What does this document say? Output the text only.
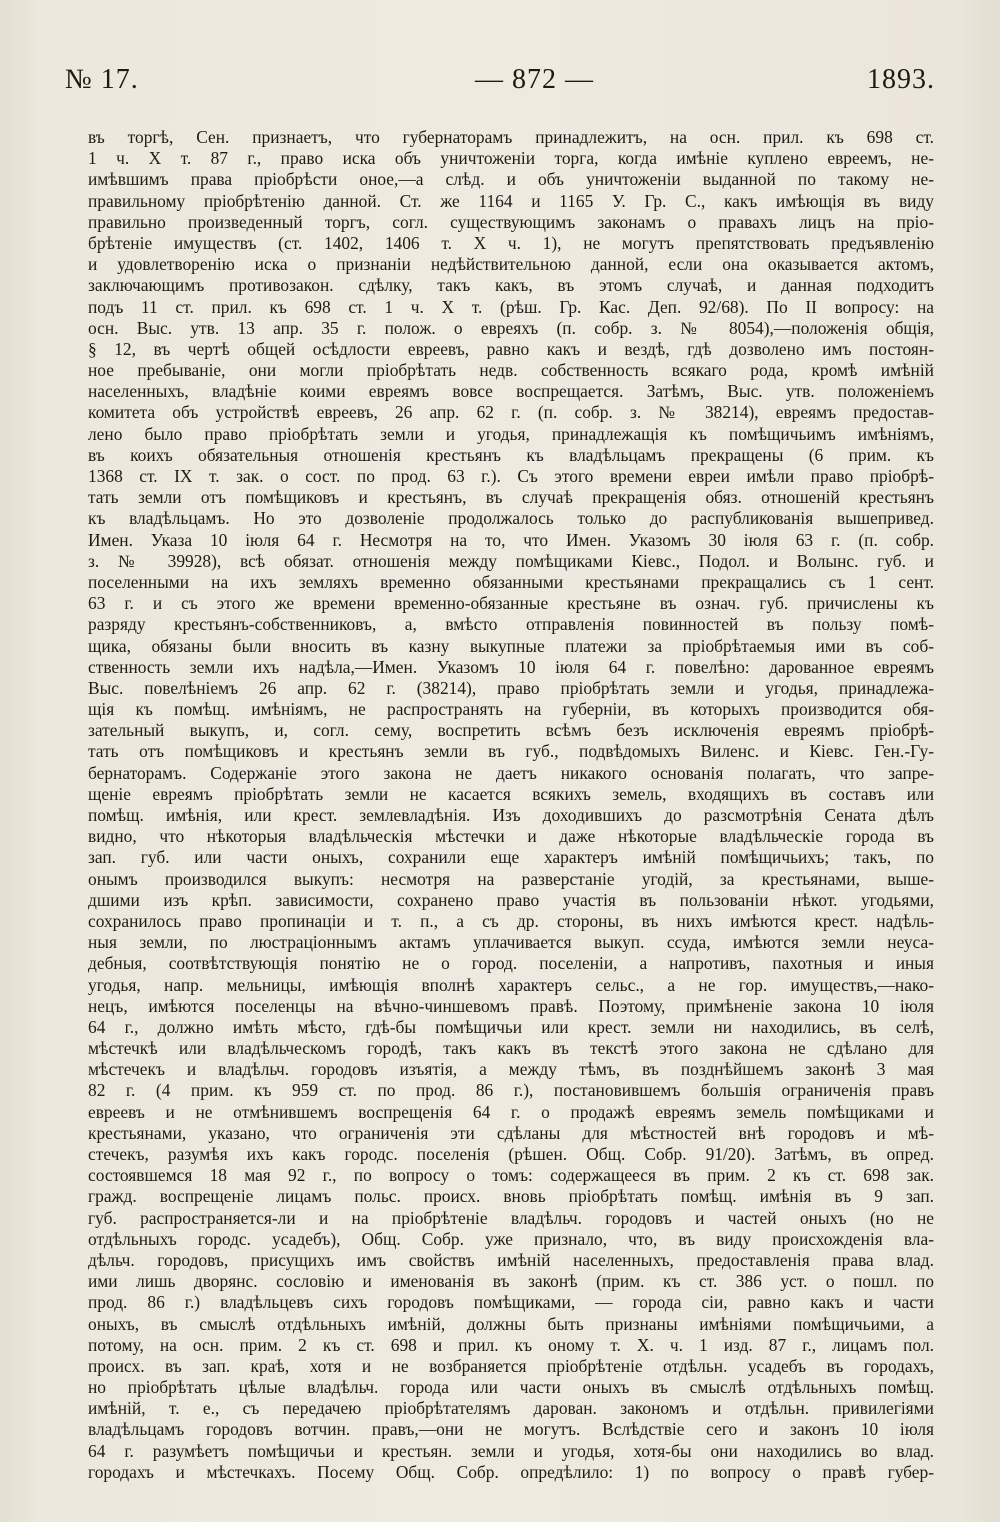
№ 17.	— 872 —	1893.
въ торгѣ, Сен. признаетъ, что губернаторамъ принадлежитъ, на осн. прил. къ 698 ст.
1 ч. X т. 87 г., право иска объ уничтоженіи торга, когда имѣніе куплено евреемъ, не-
имѣвшимъ права пріобрѣсти оное,—а слѣд. и объ уничтоженіи выданной по такому не-
правильному пріобрѣтенію данной. Ст. же 1164 и 1165 У. Гр. С., какъ имѣющія въ виду
правильно произведенный торгъ, согл. существующимъ законамъ о правахъ лицъ на пріо-
брѣтеніе имуществъ (ст. 1402, 1406 т. X ч. 1), не могутъ препятствовать предъявленію
и удовлетворенію иска о признаніи недѣйствительною данной, если она оказывается актомъ,
заключающимъ противозакон. сдѣлку, такъ какъ, въ этомъ случаѣ, и данная подходитъ
подъ 11 ст. прил. къ 698 ст. 1 ч. X т. (рѣш. Гр. Кас. Деп. 92/68). По II вопросу: на
осн. Выс. утв. 13 апр. 35 г. полож. о евреяхъ (п. собр. з. № 8054),—положенія общія,
§ 12, въ чертѣ общей осѣдлости евреевъ, равно какъ и вездѣ, гдѣ дозволено имъ постоян-
ное пребываніе, они могли пріобрѣтать недв. собственность всякаго рода, кромѣ имѣній
населенныхъ, владѣніе коими евреямъ вовсе воспрещается. Затѣмъ, Выс. утв. положеніемъ
комитета объ устройствѣ евреевъ, 26 апр. 62 г. (п. собр. з. № 38214), евреямъ предостав-
лено было право пріобрѣтать земли и угодья, принадлежащія къ помѣщичьимъ имѣніямъ,
въ коихъ обязательныя отношенія крестьянъ къ владѣльцамъ прекращены (6 прим. къ
1368 ст. IX т. зак. о сост. по прод. 63 г.). Съ этого времени евреи имѣли право пріобрѣ-
тать земли отъ помѣщиковъ и крестьянъ, въ случаѣ прекращенія обяз. отношеній крестьянъ
къ владѣльцамъ. Но это дозволеніе продолжалось только до распубликованія вышепривед.
Имен. Указа 10 іюля 64 г. Несмотря на то, что Имен. Указомъ 30 іюля 63 г. (п. собр.
з. № 39928), всѣ обязат. отношенія между помѣщиками Кіевс., Подол. и Волынс. губ. и
поселенными на ихъ земляхъ временно обязанными крестьянами прекращались съ 1 сент.
63 г. и съ этого же времени временно-обязанные крестьяне въ означ. губ. причислены къ
разряду крестьянъ-собственниковъ, а, вмѣсто отправленія повинностей въ пользу помѣ-
щика, обязаны были вносить въ казну выкупные платежи за пріобрѣтаемыя ими въ соб-
ственность земли ихъ надѣла,—Имен. Указомъ 10 іюля 64 г. повелѣно: дарованное евреямъ
Выс. повелѣніемъ 26 апр. 62 г. (38214), право пріобрѣтать земли и угодья, принадлежа-
щія къ помѣщ. имѣніямъ, не распространять на губерніи, въ которыхъ производится обя-
зательный выкупъ, и, согл. сему, воспретить всѣмъ безъ исключенія евреямъ пріобрѣ-
тать отъ помѣщиковъ и крестьянъ земли въ губ., подвѣдомыхъ Виленс. и Кіевс. Ген.-Гу-
бернаторамъ. Содержаніе этого закона не даетъ никакого основанія полагать, что запре-
щеніе евреямъ пріобрѣтать земли не касается всякихъ земель, входящихъ въ составъ или
помѣщ. имѣнія, или крест. землевладѣнія. Изъ доходившихъ до разсмотрѣнія Сената дѣлъ
видно, что нѣкоторыя владѣльческія мѣстечки и даже нѣкоторые владѣльческіе города въ
зап. губ. или части оныхъ, сохранили еще характеръ имѣній помѣщичьихъ; такъ, по
онымъ производился выкупъ: несмотря на разверстаніе угодій, за крестьянами, выше-
дшими изъ крѣп. зависимости, сохранено право участія въ пользованіи нѣкот. угодьями,
сохранилось право пропинаціи и т. п., а съ др. стороны, въ нихъ имѣются крест. надѣль-
ныя земли, по люстраціоннымъ актамъ уплачивается выкуп. ссуда, имѣются земли неуса-
дебныя, соотвѣтствующія понятію не о город. поселеніи, а напротивъ, пахотныя и иныя
угодья, напр. мельницы, имѣющія вполнѣ характеръ сельс., а не гор. имуществъ,—нако-
нецъ, имѣются поселенцы на вѣчно-чиншевомъ правѣ. Поэтому, примѣненіе закона 10 іюля
64 г., должно имѣть мѣсто, гдѣ-бы помѣщичьи или крест. земли ни находились, въ селѣ,
мѣстечкѣ или владѣльческомъ городѣ, такъ какъ въ текстѣ этого закона не сдѣлано для
мѣстечекъ и владѣльч. городовъ изъятія, а между тѣмъ, въ позднѣйшемъ законѣ 3 мая
82 г. (4 прим. къ 959 ст. по прод. 86 г.), постановившемъ большія ограниченія правъ
евреевъ и не отмѣнившемъ воспрещенія 64 г. о продажѣ евреямъ земель помѣщиками и
крестьянами, указано, что ограниченія эти сдѣланы для мѣстностей внѣ городовъ и мѣ-
стечекъ, разумѣя ихъ какъ городс. поселенія (рѣшен. Общ. Собр. 91/20). Затѣмъ, въ опред.
состоявшемся 18 мая 92 г., по вопросу о томъ: содержащееся въ прим. 2 къ ст. 698 зак.
гражд. воспрещеніе лицамъ польс. происх. вновь пріобрѣтать помѣщ. имѣнія въ 9 зап.
губ. распространяется-ли и на пріобрѣтеніе владѣльч. городовъ и частей оныхъ (но не
отдѣльныхъ городс. усадебъ), Общ. Собр. уже признало, что, въ виду происхожденія вла-
дѣльч. городовъ, присущихъ имъ свойствъ имѣній населенныхъ, предоставленія права влад.
ими лишь дворянс. сословію и именованія въ законѣ (прим. къ ст. 386 уст. о пошл. по
прод. 86 г.) владѣльцевъ сихъ городовъ помѣщиками, — города сіи, равно какъ и части
оныхъ, въ смыслѣ отдѣльныхъ имѣній, должны быть признаны имѣніями помѣщичьими, а
потому, на осн. прим. 2 къ ст. 698 и прил. къ оному т. X. ч. 1 изд. 87 г., лицамъ пол.
происх. въ зап. краѣ, хотя и не возбраняется пріобрѣтеніе отдѣльн. усадебъ въ городахъ,
но пріобрѣтать цѣлые владѣльч. города или части оныхъ въ смыслѣ отдѣльныхъ помѣщ.
имѣній, т. е., съ передачею пріобрѣтателямъ дарован. закономъ и отдѣльн. привилегіями
владѣльцамъ городовъ вотчин. правъ,—они не могутъ. Вслѣдствіе сего и законъ 10 іюля
64 г. разумѣетъ помѣщичьи и крестьян. земли и угодья, хотя-бы они находились во влад.
городахъ и мѣстечкахъ. Посему Общ. Собр. опредѣлило: 1) по вопросу о правѣ губер-
